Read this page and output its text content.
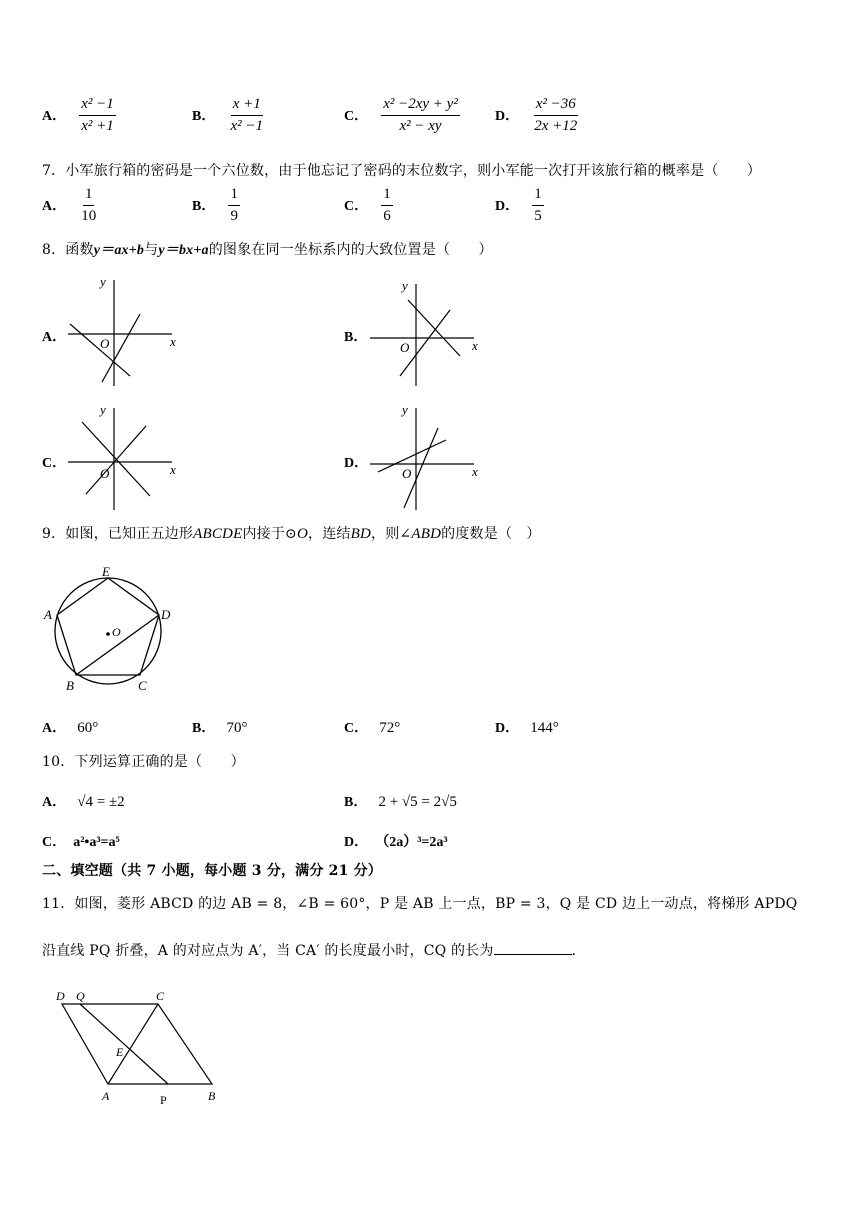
A． $\frac{\text{x² −1}}{\text{x² +1}}$	B． $\frac{x +1}{\text{x² −1}}$	C． $\frac{\text{x² −2xy + y²}}{\text{x² − xy}}$	D． $\frac{\text{x² −36}}{2x +12}$
7．小军旅行箱的密码是一个六位数，由于他忘记了密码的末位数字，则小军能一次打开该旅行箱的概率是（　　）
A． $\frac{1}{10}$	B． $\frac{1}{9}$	C． $\frac{1}{6}$	D． $\frac{1}{5}$
8．函数y＝ax+b与y＝bx+a的图象在同一坐标系内的大致位置是（　　）
A．	B．
C．	D．
x
y
O	x
y
O
x
y
O	x
y
O
9．如图，已知正五边形ABCDE内接于⊙O，连结BD，则∠ABD的度数是（　）
E
A	D
B	C
O
A． 60°	B． 70°	C． 72°	D． 144°
10．下列运算正确的是（　　）
A． √4 = ±2	B． 2 + √5 = 2√5
C． a²•a³=a⁵	D． （2a）³=2a³
二、填空题（共 7 小题，每小题 3 分，满分 21 分）
11．如图，菱形 ABCD 的边 AB = 8，∠B = 60°，P 是 AB 上一点，BP = 3，Q 是 CD 边上一动点，将梯形 APDQ
沿直线 PQ 折叠，A 的对应点为 A′，当 CA′ 的长度最小时，CQ 的长为	．
D Q	C
E
A	P	B
